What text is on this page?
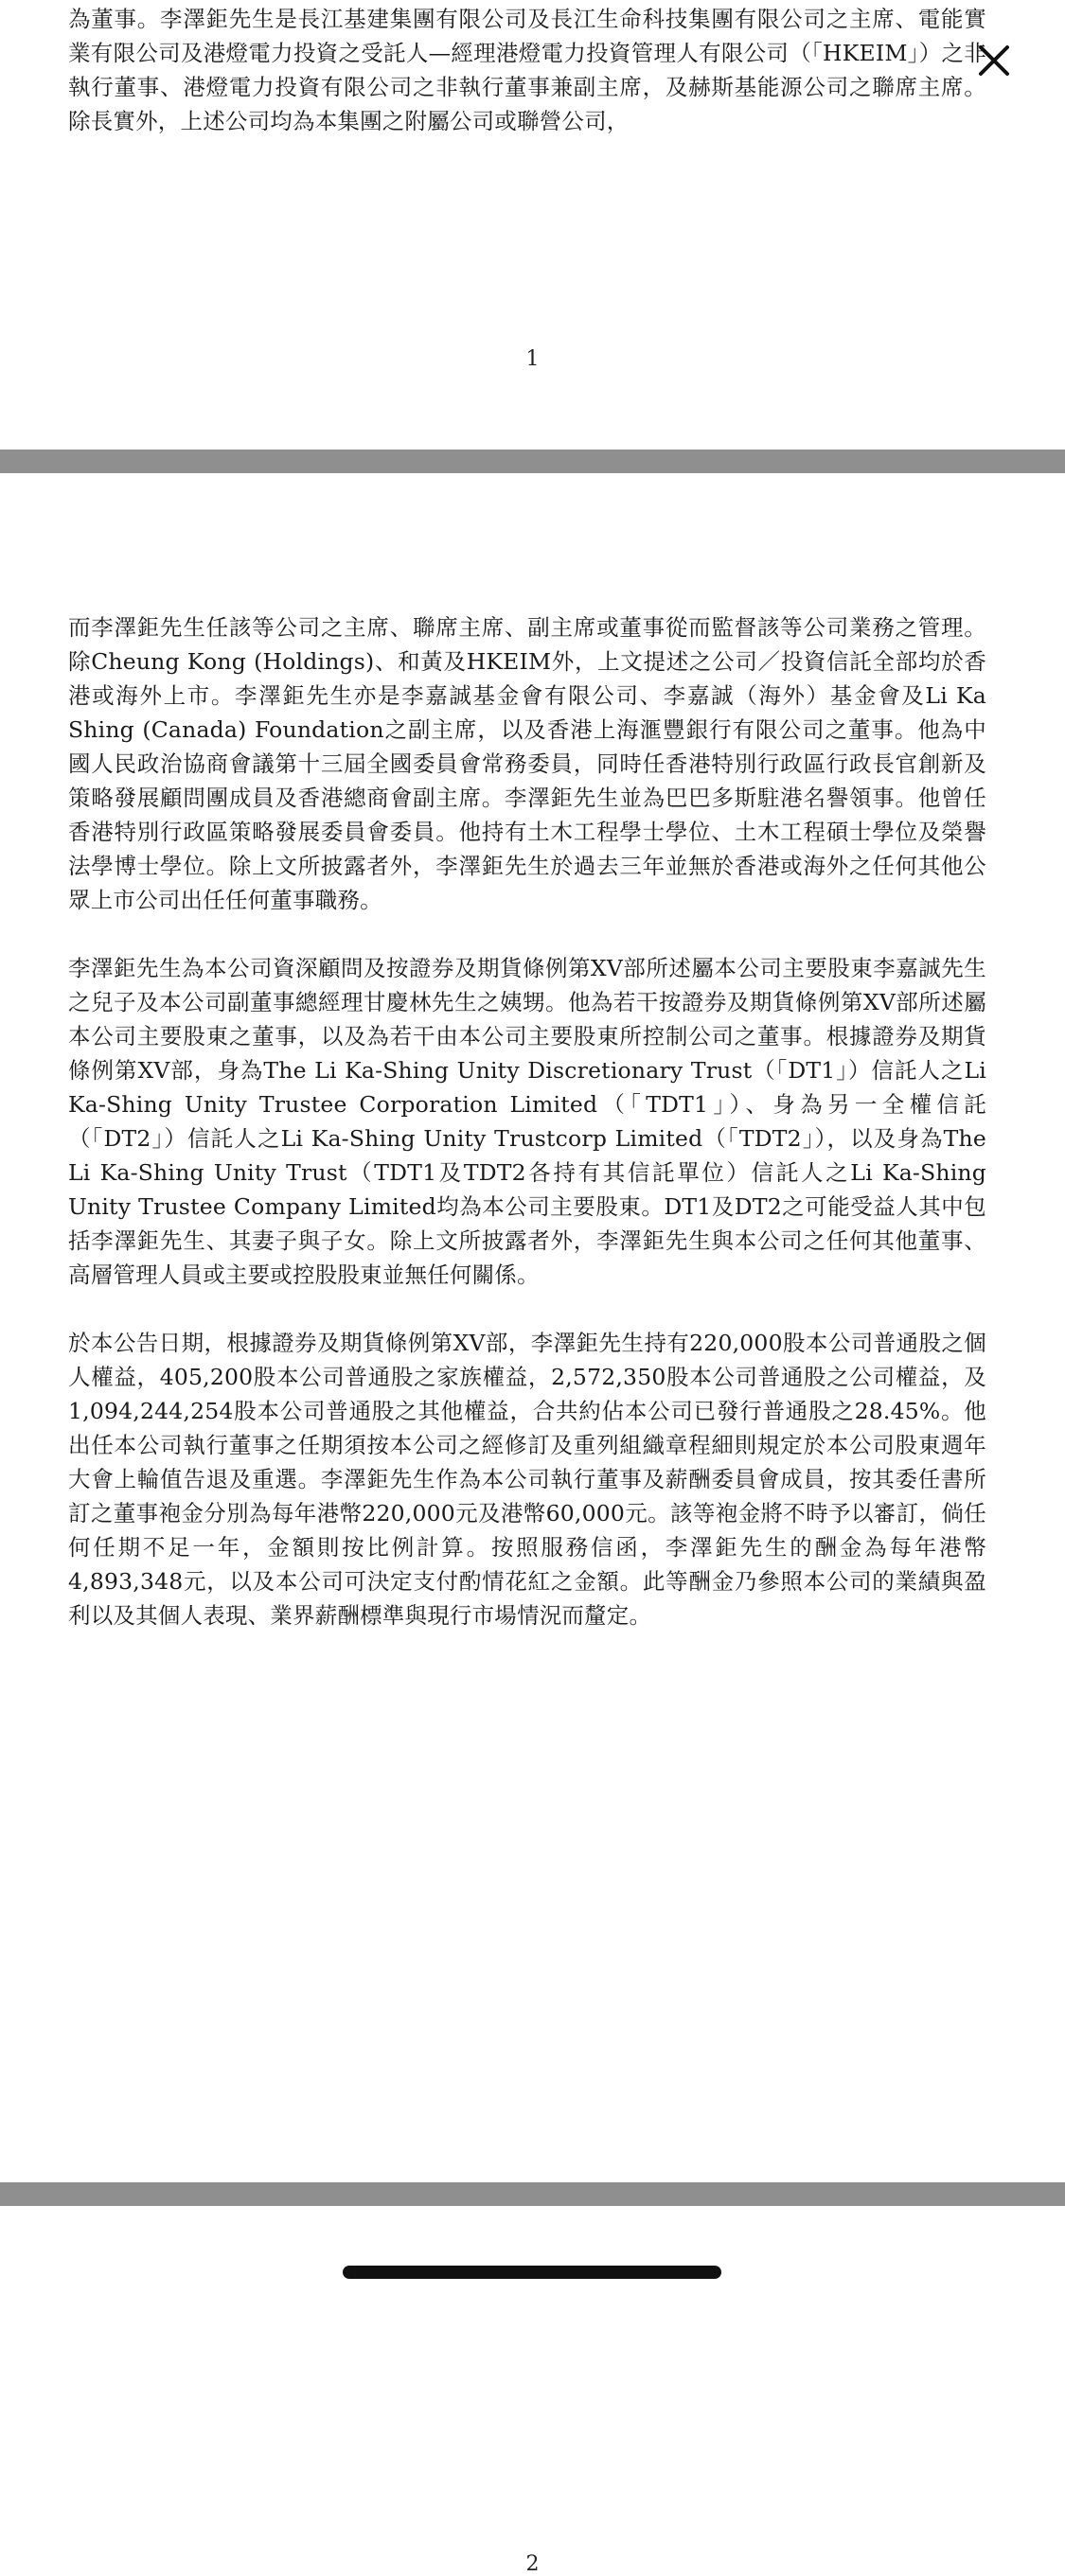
為董事。李澤鉅先生是長江基建集團有限公司及長江生命科技集團有限公司之主席、電能實業有限公司及港燈電力投資之受託人—經理港燈電力投資管理人有限公司（「HKEIM」）之非執行董事、港燈電力投資有限公司之非執行董事兼副主席，及赫斯基能源公司之聯席主席。除長實外，上述公司均為本集團之附屬公司或聯營公司，
1
2

而李澤鉅先生任該等公司之主席、聯席主席、副主席或董事從而監督該等公司業務之管理。除Cheung Kong (Holdings)、和黃及HKEIM外，上文提述之公司／投資信託全部均於香港或海外上市。李澤鉅先生亦是李嘉誠基金會有限公司、李嘉誠（海外）基金會及Li Ka Shing (Canada) Foundation之副主席，以及香港上海滙豐銀行有限公司之董事。他為中國人民政治協商會議第十三屆全國委員會常務委員，同時任香港特別行政區行政長官創新及策略發展顧問團成員及香港總商會副主席。李澤鉅先生並為巴巴多斯駐港名譽領事。他曾任香港特別行政區策略發展委員會委員。他持有土木工程學士學位、土木工程碩士學位及榮譽法學博士學位。除上文所披露者外，李澤鉅先生於過去三年並無於香港或海外之任何其他公眾上市公司出任任何董事職務。

李澤鉅先生為本公司資深顧問及按證券及期貨條例第XV部所述屬本公司主要股東李嘉誠先生之兒子及本公司副董事總經理甘慶林先生之姨甥。他為若干按證券及期貨條例第XV部所述屬本公司主要股東之董事，以及為若干由本公司主要股東所控制公司之董事。根據證券及期貨條例第XV部，身為The Li Ka-Shing Unity Discretionary Trust（「DT1」）信託人之Li Ka-Shing Unity Trustee Corporation Limited（「TDT1」）、身為另一全權信託（「DT2」）信託人之Li Ka-Shing Unity Trustcorp Limited（「TDT2」），以及身為The Li Ka-Shing Unity Trust（TDT1及TDT2各持有其信託單位）信託人之Li Ka-Shing Unity Trustee Company Limited均為本公司主要股東。DT1及DT2之可能受益人其中包括李澤鉅先生、其妻子與子女。除上文所披露者外，李澤鉅先生與本公司之任何其他董事、高層管理人員或主要或控股股東並無任何關係。

於本公告日期，根據證券及期貨條例第XV部，李澤鉅先生持有220,000股本公司普通股之個人權益，405,200股本公司普通股之家族權益，2,572,350股本公司普通股之公司權益，及1,094,244,254股本公司普通股之其他權益，合共約佔本公司已發行普通股之28.45%。他出任本公司執行董事之任期須按本公司之經修訂及重列組織章程細則規定於本公司股東週年大會上輪值告退及重選。李澤鉅先生作為本公司執行董事及薪酬委員會成員，按其委任書所訂之董事袍金分別為每年港幣220,000元及港幣60,000元。該等袍金將不時予以審訂，倘任何任期不足一年，金額則按比例計算。按照服務信函，李澤鉅先生的酬金為每年港幣4,893,348元，以及本公司可決定支付酌情花紅之金額。此等酬金乃參照本公司的業績與盈利以及其個人表現、業界薪酬標準與現行市場情況而釐定。
